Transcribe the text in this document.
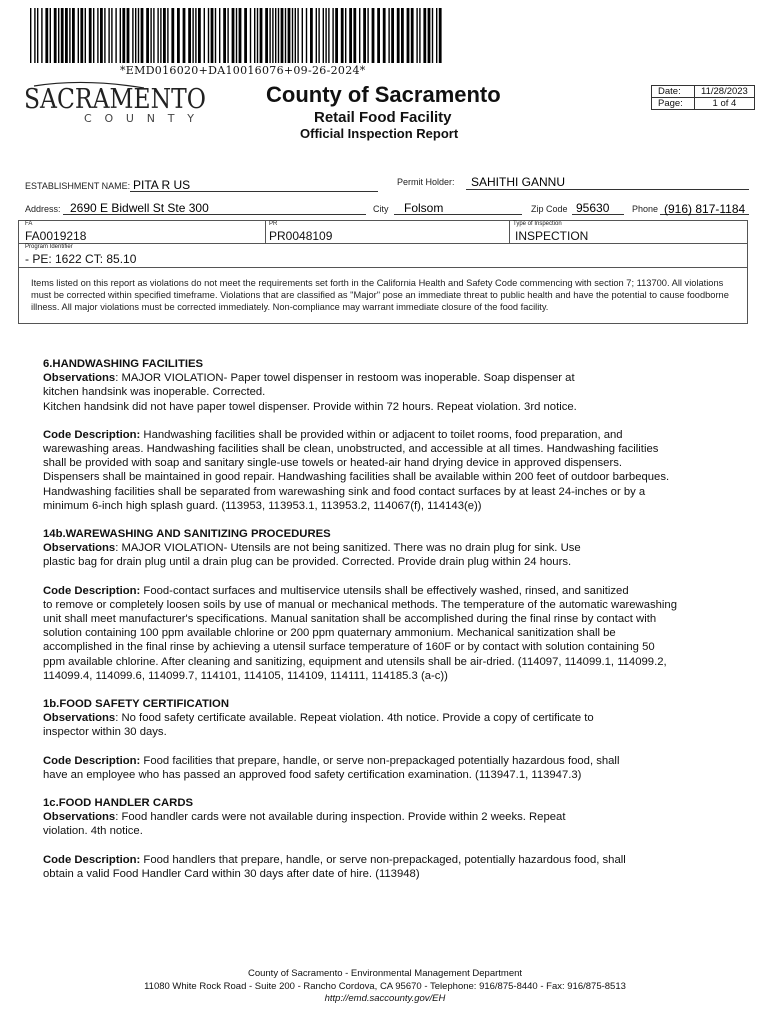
*EMD016020+DA10016076+09-26-2024*
SACRAMENTO
COUNTY
County of Sacramento
Retail Food Facility
Official Inspection Report
Date:	11/28/2023
Page:	1 of 4
ESTABLISHMENT NAME: PITA R US	Permit Holder: SAHITHI GANNU
Address: 2690 E Bidwell St Ste 300	City Folsom	Zip Code 95630	Phone (916) 817-1184
FA
FA0019218
PR
PR0048109
Type of Inspection
INSPECTION
Program Identifier
- PE: 1622 CT: 85.10
Items listed on this report as violations do not meet the requirements set forth in the California Health and Safety Code commencing with section 7; 113700. All violations must be corrected within specified timeframe. Violations that are classified as "Major" pose an immediate threat to public health and have the potential to cause foodborne illness. All major violations must be corrected immediately. Non-compliance may warrant immediate closure of the food facility.
6.HANDWASHING FACILITIES

Observations: MAJOR VIOLATION- Paper towel dispenser in restoom was inoperable. Soap dispenser at
kitchen handsink was inoperable. Corrected.
Kitchen handsink did not have paper towel dispenser. Provide within 72 hours. Repeat violation. 3rd notice.

Code Description: Handwashing facilities shall be provided within or adjacent to toilet rooms, food preparation, and
warewashing areas. Handwashing facilities shall be clean, unobstructed, and accessible at all times. Handwashing facilities
shall be provided with soap and sanitary single-use towels or heated-air hand drying device in approved dispensers.
Dispensers shall be maintained in good repair. Handwashing facilities shall be available within 200 feet of outdoor barbeques.
Handwashing facilities shall be separated from warewashing sink and food contact surfaces by at least 24-inches or by a
minimum 6-inch high splash guard. (113953, 113953.1, 113953.2, 114067(f), 114143(e))

14b.WAREWASHING AND SANITIZING PROCEDURES

Observations: MAJOR VIOLATION- Utensils are not being sanitized. There was no drain plug for sink. Use
plastic bag for drain plug until a drain plug can be provided. Corrected. Provide drain plug within 24 hours.

Code Description: Food-contact surfaces and multiservice utensils shall be effectively washed, rinsed, and sanitized
to remove or completely loosen soils by use of manual or mechanical methods. The temperature of the automatic warewashing
unit shall meet manufacturer's specifications. Manual sanitation shall be accomplished during the final rinse by contact with
solution containing 100 ppm available chlorine or 200 ppm quaternary ammonium. Mechanical sanitization shall be
accomplished in the final rinse by achieving a utensil surface temperature of 160F or by contact with solution containing 50
ppm available chlorine. After cleaning and sanitizing, equipment and utensils shall be air-dried. (114097, 114099.1, 114099.2,
114099.4, 114099.6, 114099.7, 114101, 114105, 114109, 114111, 114185.3 (a-c))

1b.FOOD SAFETY CERTIFICATION

Observations: No food safety certificate available. Repeat violation. 4th notice. Provide a copy of certificate to
inspector within 30 days.

Code Description: Food facilities that prepare, handle, or serve non-prepackaged potentially hazardous food, shall
have an employee who has passed an approved food safety certification examination. (113947.1, 113947.3)

1c.FOOD HANDLER CARDS

Observations: Food handler cards were not available during inspection. Provide within 2 weeks. Repeat
violation. 4th notice.

Code Description: Food handlers that prepare, handle, or serve non-prepackaged, potentially hazardous food, shall
obtain a valid Food Handler Card within 30 days after date of hire. (113948)

County of Sacramento - Environmental Management Department
11080 White Rock Road - Suite 200 - Rancho Cordova, CA 95670 - Telephone: 916/875-8440 - Fax: 916/875-8513
http://emd.saccounty.gov/EH
